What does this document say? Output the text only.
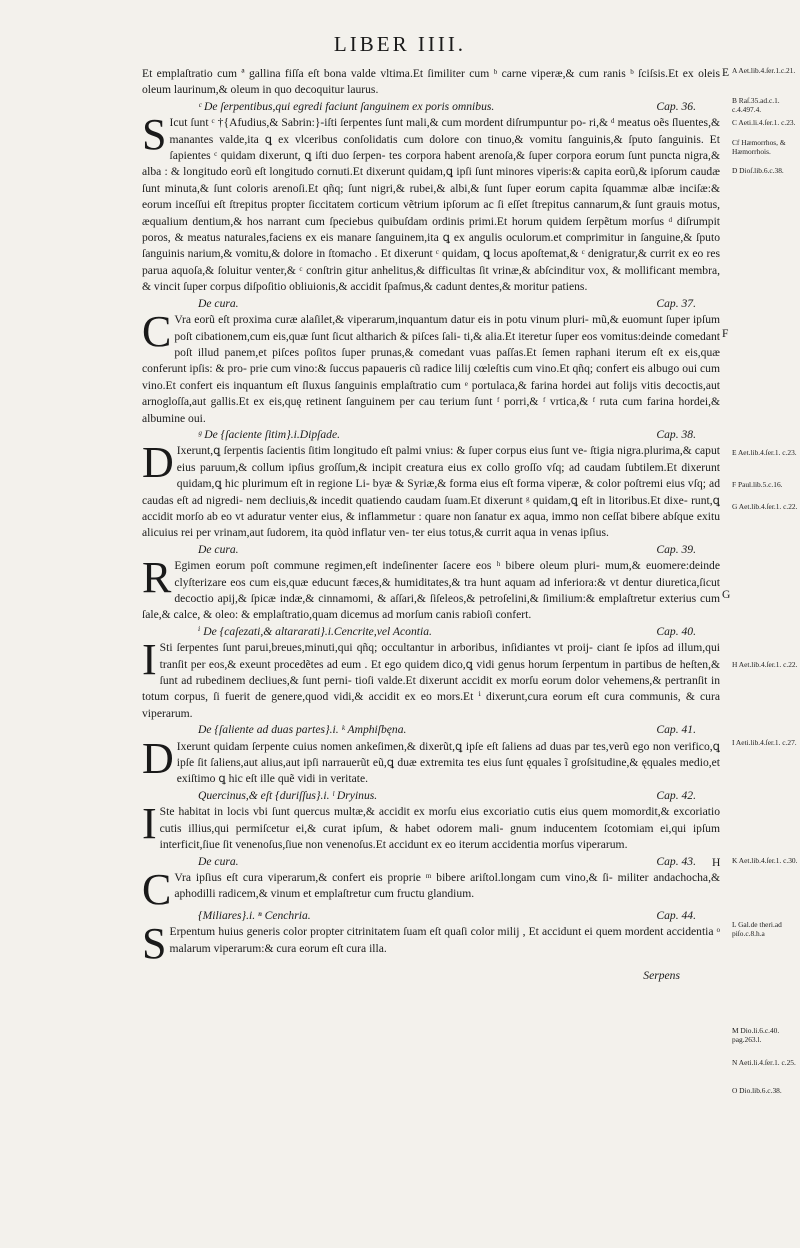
LIBER IIII.
Et emplaſtratio cum ª gallina fiſſa eſt bona valde vltima.Et ſimiliter cum ᵇ carne viperæ,& cum ranis ᵇ ſciſsis.Et ex oleis oleum laurinum,& oleum in quo decoquitur laurus.
ᶜ De ſerpentibus,qui egredi faciunt ſanguinem ex poris omnibus.	Cap. 36.
S Icut ſunt ᶜ †{Afudius,& Sabrin:}-iſti ſerpentes ſunt mali,& cum mordent diſrumpuntur po- ri,& ᵈ meatus oẽs ſluentes,& manantes valde,ita ꝗ ex vlceribus conſolidatis cum dolore con tinuo,& vomitu ſanguinis,& ſputo ſanguinis. Et ſapientes ᶜ quidam dixerunt, ꝗ iſti duo ſerpen- tes corpora habent arenoſa,& ſuper corpora eorum ſunt puncta nigra,& alba : & longitudo eorũ eſt longitudo cornuti.Et dixerunt quidam,ꝗ ipſi ſunt minores viperis:& capita eorũ,& ipſorum caudæ ſunt minuta,& ſunt coloris arenoſi.Et qñq; ſunt nigri,& rubei,& albi,& ſunt ſuper eorum capita ſquammæ albæ inciſæ:& eorum inceſſui eſt ſtrepitus propter ſiccitatem corticum vẽtrium ipſorum ac ſi eſſet ſtrepitus cannarum,& ſunt grauis motus, æqualium dentium,& hos narrant cum ſpeciebus quibuſdam ordinis primi.Et horum quidem ſerpẽtum morſus ᵈ diſrumpit poros, & meatus naturales,faciens ex eis manare ſanguinem,ita ꝗ ex angulis oculorum.et comprimitur in ſanguine,& ſputo ſanguinis narium,& vomitu,& dolore in ſtomacho . Et dixerunt ᶜ quidam, ꝗ locus apoſtemat,& ᶜ denigratur,& currit ex eo res parua aquoſa,& ſoluitur venter,& ᶜ conſtrin gitur anhelitus,& difficultas ſit vrinæ,& abſcinditur vox, & mollificant membra, & vincit ſuper corpus diſpoſitio obliuionis,& accidit ſpaſmus,& cadunt dentes,& moritur patiens.
De cura.	Cap. 37.
C Vra eorũ eſt proxima curæ alaſilet,& viperarum,inquantum datur eis in potu vinum pluri- mũ,& euomunt ſuper ipſum poſt cibationem,cum eis,quæ ſunt ſicut altharich & piſces ſali- ti,& alia.Et iteretur ſuper eos vomitus:deinde comedant poſt illud panem,et piſces poſitos ſuper prunas,& comedant vuas paſſas.Et ſemen raphani iterum eſt ex eis,quæ conferunt ipſis: & pro- prie cum vino:& ſuccus papaueris cũ radice lilij cœleſtis cum vino.Et qñq; confert eis albugo oui cum vino.Et confert eis inquantum eſt ſluxus ſanguinis emplaſtratio cum ᵉ portulaca,& farina hordei aut folijs vitis decoctis,aut arnogloſſa,aut gallis.Et ex eis,quę retinent ſanguinem per cau terium ſunt ᶠ porri,& ᶠ vrtica,& ᶠ ruta cum farina hordei,& albumine oui.
ᵍ De {ſaciente ſitim}.i.Dipſade.	Cap. 38.
D Ixerunt,ꝗ ſerpentis ſacientis ſitim longitudo eſt palmi vnius: & ſuper corpus eius ſunt ve- ſtigia nigra.plurima,& caput eius paruum,& collum ipſius groſſum,& incipit creatura eius ex collo groſſo vſq; ad caudam ſubtilem.Et dixerunt quidam,ꝗ hic plurimum eſt in regione Li- byæ & Syriæ,& forma eius eſt forma viperæ, & color poſtremi eius vſq; ad caudas eſt ad nigredi- nem decliuis,& incedit quatiendo caudam ſuam.Et dixerunt ᵍ quidam,ꝗ eſt in litoribus.Et dixe- runt,ꝗ accidit morſo ab eo vt aduratur venter eius, & inflammetur : quare non ſanatur ex aqua, immo non ceſſat bibere abſque exitu alicuius rei per vrinam,aut ſudorem, ita quòd inflatur ven- ter eius totus,& currit aqua in venas ipſius.
De cura.	Cap. 39.
R Egimen eorum poſt commune regimen,eſt indeſinenter ſacere eos ʰ bibere oleum pluri- mum,& euomere:deinde clyſterizare eos cum eis,quæ educunt fæces,& humiditates,& tra hunt aquam ad inferiora:& vt dentur diuretica,ſicut decoctio apij,& ſpicæ indæ,& cinnamomi, & aſſari,& ſiſeleos,& petroſelini,& ſimilium:& emplaſtretur exterius cum ſale,& calce, & oleo: & emplaſtratio,quam dicemus ad morſum canis rabioſi confert.
ⁱ De {caſezati,& altararati}.i.Cencrite,vel Acontia.	Cap. 40.
I Sti ſerpentes ſunt parui,breues,minuti,qui qñq; occultantur in arboribus, inſidiantes vt proij- ciant ſe ipſos ad illum,qui tranſit per eos,& exeunt procedẽtes ad eum . Et ego quidem dico,ꝗ vidi genus horum ſerpentum in partibus de heſten,& ſunt ad rubedinem decliues,& ſunt perni- tioſi valde.Et dixerunt accidit ex morſu eorum dolor vehemens,& pertranſit in totum corpus, ſi fuerit de genere,quod vidi,& accidit ex eo mors.Et ⁱ dixerunt,cura eorum eſt cura communis, & cura viperarum.
De {ſaliente ad duas partes}.i. ᵏ Amphiſbęna.	Cap. 41.
D Ixerunt quidam ſerpente cuius nomen ankeſimen,& dixerũt,ꝗ ipſe eſt ſaliens ad duas par tes,verũ ego non verifico,ꝗ ipſe ſit ſaliens,aut alius,aut ipſi narrauerũt eũ,ꝗ duæ extremita tes eius ſunt ęquales ĩ groſsitudine,& ęquales medio,et exiſtimo ꝗ hic eſt ille quẽ vidi in veritate.
Quercinus,& eſt {duriſſus}.i. ˡ Dryinus.	Cap. 42.
I Ste habitat in locis vbi ſunt quercus multæ,& accidit ex morſu eius excoriatio cutis eius quem momordit,& excoriatio cutis illius,qui permiſcetur ei,& curat ipſum, & habet odorem mali- gnum inducentem ſcotomiam ei,qui ipſum interficit,ſiue ſit venenoſus,ſiue non venenoſus.Et accidunt ex eo iterum accidentia morſus viperarum.
De cura.	Cap. 43.
C Vra ipſius eſt cura viperarum,& confert eis proprie ᵐ bibere ariſtol.longam cum vino,& ſi- militer andachocha,& aphodilli radicem,& vinum et emplaſtretur cum fructu glandium.
{Miliares}.i. ⁿ Cenchria.	Cap. 44.
S Erpentum huius generis color propter citrinitatem ſuam eſt quaſi color milij , Et accidunt ei quem mordent accidentia ᵒ malarum viperarum:& cura eorum eſt cura illa.
Serpens
E
F
G
H
A Aet.lib.4.ſer.1.c.21.
B Raſ.35.ad.c.1. c.4.497.4.
C Aeti.li.4.ſer.1. c.23.
Cf Hæmorrhos, & Hæmorrhois.
D Dioſ.lib.6.c.38.
E Aet.lib.4.ſer.1. c.23.
F Paul.lib.5.c.16.
G Aet.lib.4.ſer.1. c.22.
H Aet.lib.4.ſer.1. c.22.
I Aeti.lib.4.ſer.1. c.27.
K Aet.lib.4.ſer.1. c.30.
L Gal.de theri.ad piſo.c.8.h.a
M Dio.li.6.c.40. pag.263.l.
N Aeti.li.4.ſer.1. c.25.
O Dio.lib.6.c.38.
